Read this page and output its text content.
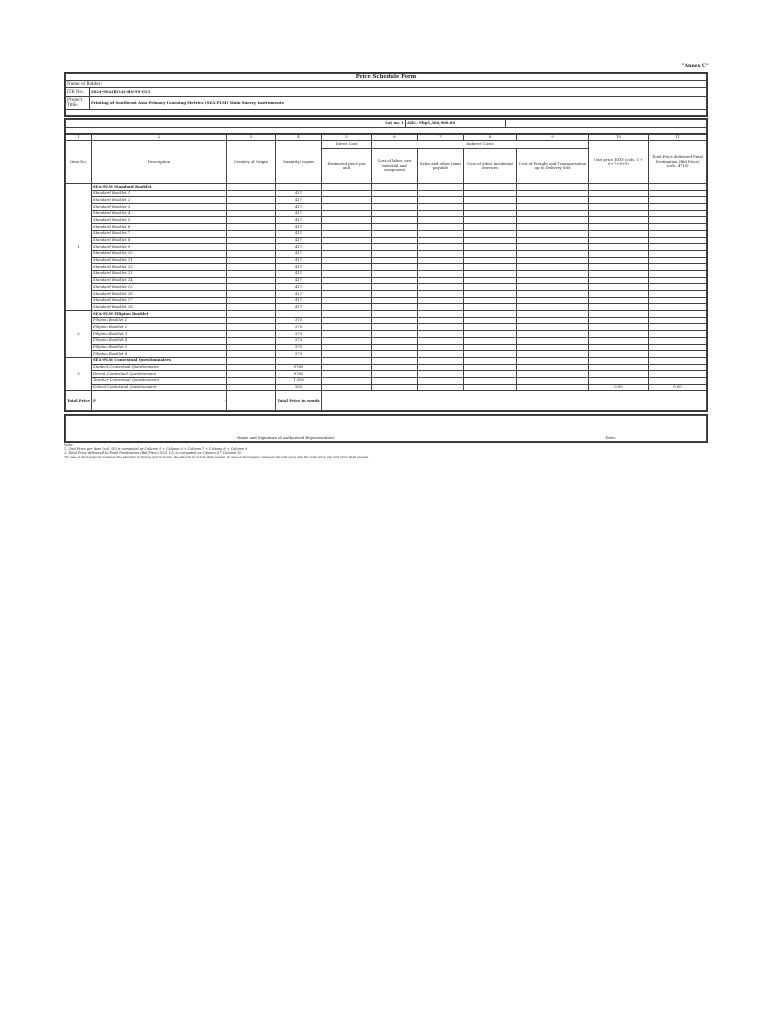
"Annex C"
Price Schedule Form	
Name of Bidder:	
ITB No.:	2024-SEA(B)14)-BN-TS-013
Project Title:	Printing of Southeast Asia Primary Learning Metrics (SEA-PLM) Main Survey Instruments

Lot no. 1	ABC: Php5,366,900.00	

1	2	3	4	5	6	7	8	9	10	11
Item No.	Description	Country of Origin	Quantity/ copies	Direct Cost	Indirect Costs				Unit price EXW (cols. 5 + 6+7+8+9)	Total Price delivered Final Destination (Bid Price) (cols. 4*10)
				Estimated price per unit	Cost of labor, raw material and component	Sales and other taxes payable	Cost of other incidental Services	Cost of Freight and Transportation up to Delivery Site		
1	SEA-PLM Standard Booklet									
	Standard Booklet 1		417							
	Standard Booklet 2		417							
	Standard Booklet 3		417							
	Standard Booklet 4		417							
	Standard Booklet 5		417							
	Standard Booklet 6		417							
	Standard Booklet 7		417							
	Standard Booklet 8		417							
	Standard Booklet 9		417							
	Standard Booklet 10		417							
	Standard Booklet 11		417							
	Standard Booklet 12		417							
	Standard Booklet 13		417							
	Standard Booklet 14		417							
	Standard Booklet 15		417							
	Standard Booklet 16		417							
	Standard Booklet 17		417							
	Standard Booklet 18		417							
2	SEA-PLM Filipino Booklet									
	Filipino Booklet 1		375							
	Filipino Booklet 2		375							
	Filipino Booklet 3		375							
	Filipino Booklet 4		375							
	Filipino Booklet 5		375							
	Filipino Booklet 6		375							
3	SEA-PLM Contextual Questionnaires									
	Student Contextual Questionnaire		9760							
	Parent Contextual Questionnaire		9760							
	Teacher Contextual Questionnaire		1,300							
	School Contextual Questionnaire		165						0.00	0.00
Total Price	P -		Total Price in words							

Name and Signature of Authorized Representative	Date:
Note:
1. Unit Price per item (col. 10) is computed as Column 5 + Column 6 + Column 7 + Column 8 + Column 9
2. Total Price delivered to Final Destination (Bid Price) (Col. 11) is computed as Column 4 * Column 10
*In case of discrepancies between the amounts in figures and in words, the amount in words shall prevail. In case of discrepancy between the unit price and the total price, the unit price shall prevail.
